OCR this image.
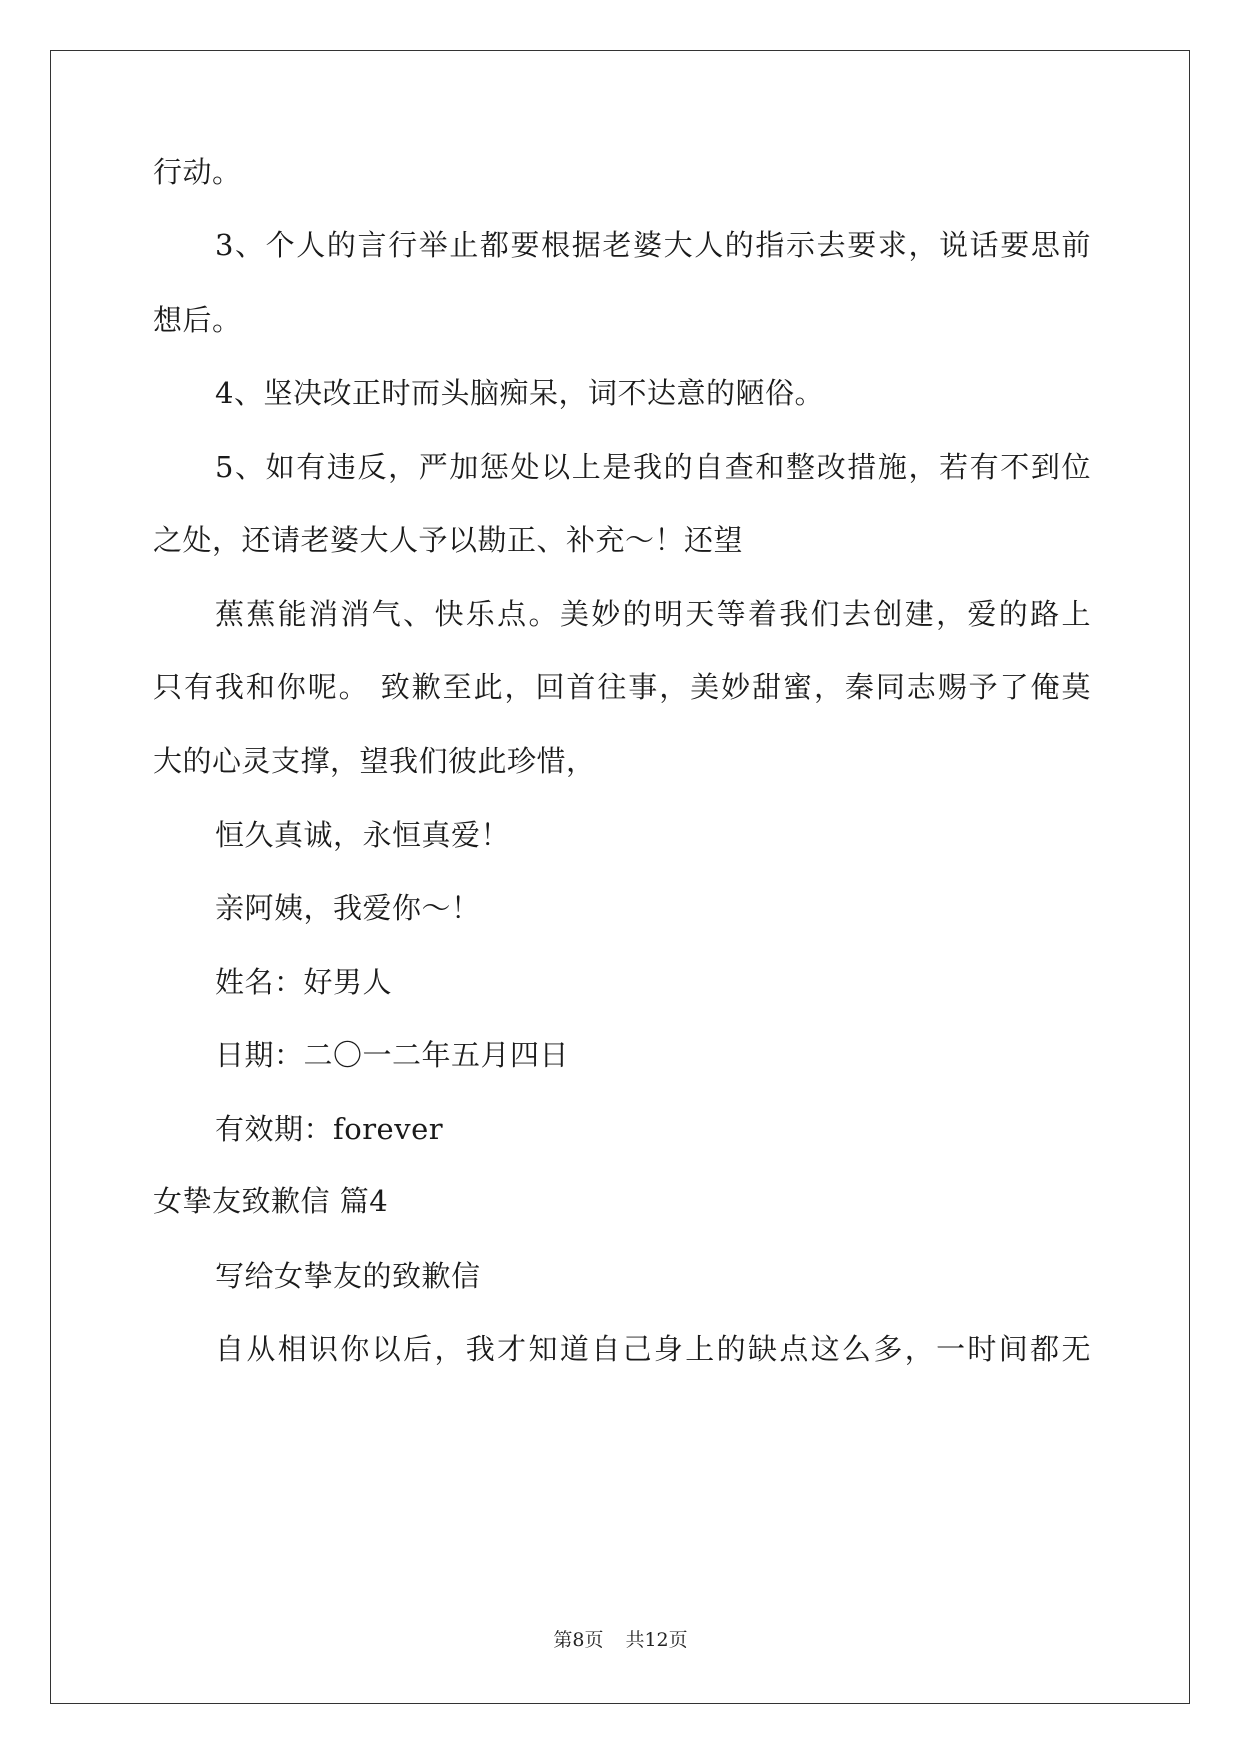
行动。
3、个人的言行举止都要根据老婆大人的指示去要求，说话要思前
想后。
4、坚决改正时而头脑痴呆，词不达意的陋俗。
5、如有违反，严加惩处以上是我的自查和整改措施，若有不到位
之处，还请老婆大人予以勘正、补充～！还望
蕉蕉能消消气、快乐点。美妙的明天等着我们去创建，爱的路上
只有我和你呢。 致歉至此，回首往事，美妙甜蜜，秦同志赐予了俺莫
大的心灵支撑，望我们彼此珍惜，
恒久真诚，永恒真爱！
亲阿姨，我爱你～！
姓名：好男人
日期：二〇一二年五月四日
有效期：forever
女挚友致歉信 篇4
写给女挚友的致歉信
自从相识你以后，我才知道自己身上的缺点这么多，一时间都无
第8页 共12页
